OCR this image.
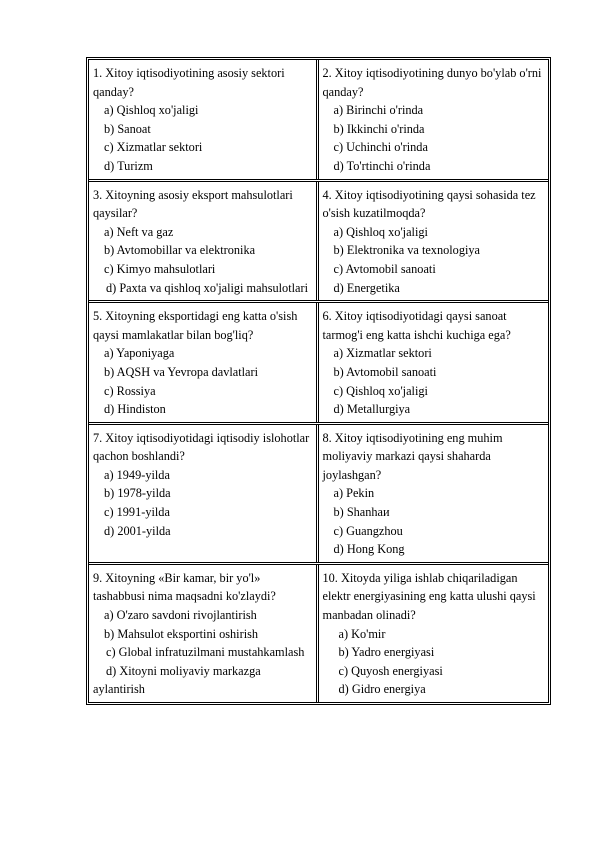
1. Xitoy iqtisodiyotining asosiy sektori qanday?
a) Qishloq xo'jaligi
b) Sanoat
c) Xizmatlar sektori
d) Turizm
2. Xitoy iqtisodiyotining dunyo bo'ylab o'rni qanday?
a) Birinchi o'rinda
b) Ikkinchi o'rinda
c) Uchinchi o'rinda
d) To'rtinchi o'rinda
3. Xitoyning asosiy eksport mahsulotlari qaysilar?
a) Neft va gaz
b) Avtomobillar va elektronika
c) Kimyo mahsulotlari
d) Paxta va qishloq xo'jaligi mahsulotlari
4. Xitoy iqtisodiyotining qaysi sohasida tez o'sish kuzatilmoqda?
a) Qishloq xo'jaligi
b) Elektronika va texnologiya
c) Avtomobil sanoati
d) Energetika
5. Xitoyning eksportidagi eng katta o'sish qaysi mamlakatlar bilan bog'liq?
a) Yaponiyaga
b) AQSH va Yevropa davlatlari
c) Rossiya
d) Hindiston
6. Xitoy iqtisodiyotidagi qaysi sanoat tarmog'i eng katta ishchi kuchiga ega?
a) Xizmatlar sektori
b) Avtomobil sanoati
c) Qishloq xo'jaligi
d) Metallurgiya
7. Xitoy iqtisodiyotidagi iqtisodiy islohotlar qachon boshlandi?
a) 1949-yilda
b) 1978-yilda
c) 1991-yilda
d) 2001-yilda
8. Xitoy iqtisodiyotining eng muhim moliyaviy markazi qaysi shaharda joylashgan?
a) Pekin
b) Shanhaи
c) Guangzhou
d) Hong Kong
9. Xitoyning «Bir kamar, bir yo'l» tashabbusi nima maqsadni ko'zlaydi?
a) O'zaro savdoni rivojlantirish
b) Mahsulot eksportini oshirish
c) Global infratuzilmani mustahkamlash
d) Xitoyni moliyaviy markazga aylantirish
10. Xitoyda yiliga ishlab chiqariladigan elektr energiyasining eng katta ulushi qaysi manbadan olinadi?
a) Ko'mir
b) Yadro energiyasi
c) Quyosh energiyasi
d) Gidro energiya
